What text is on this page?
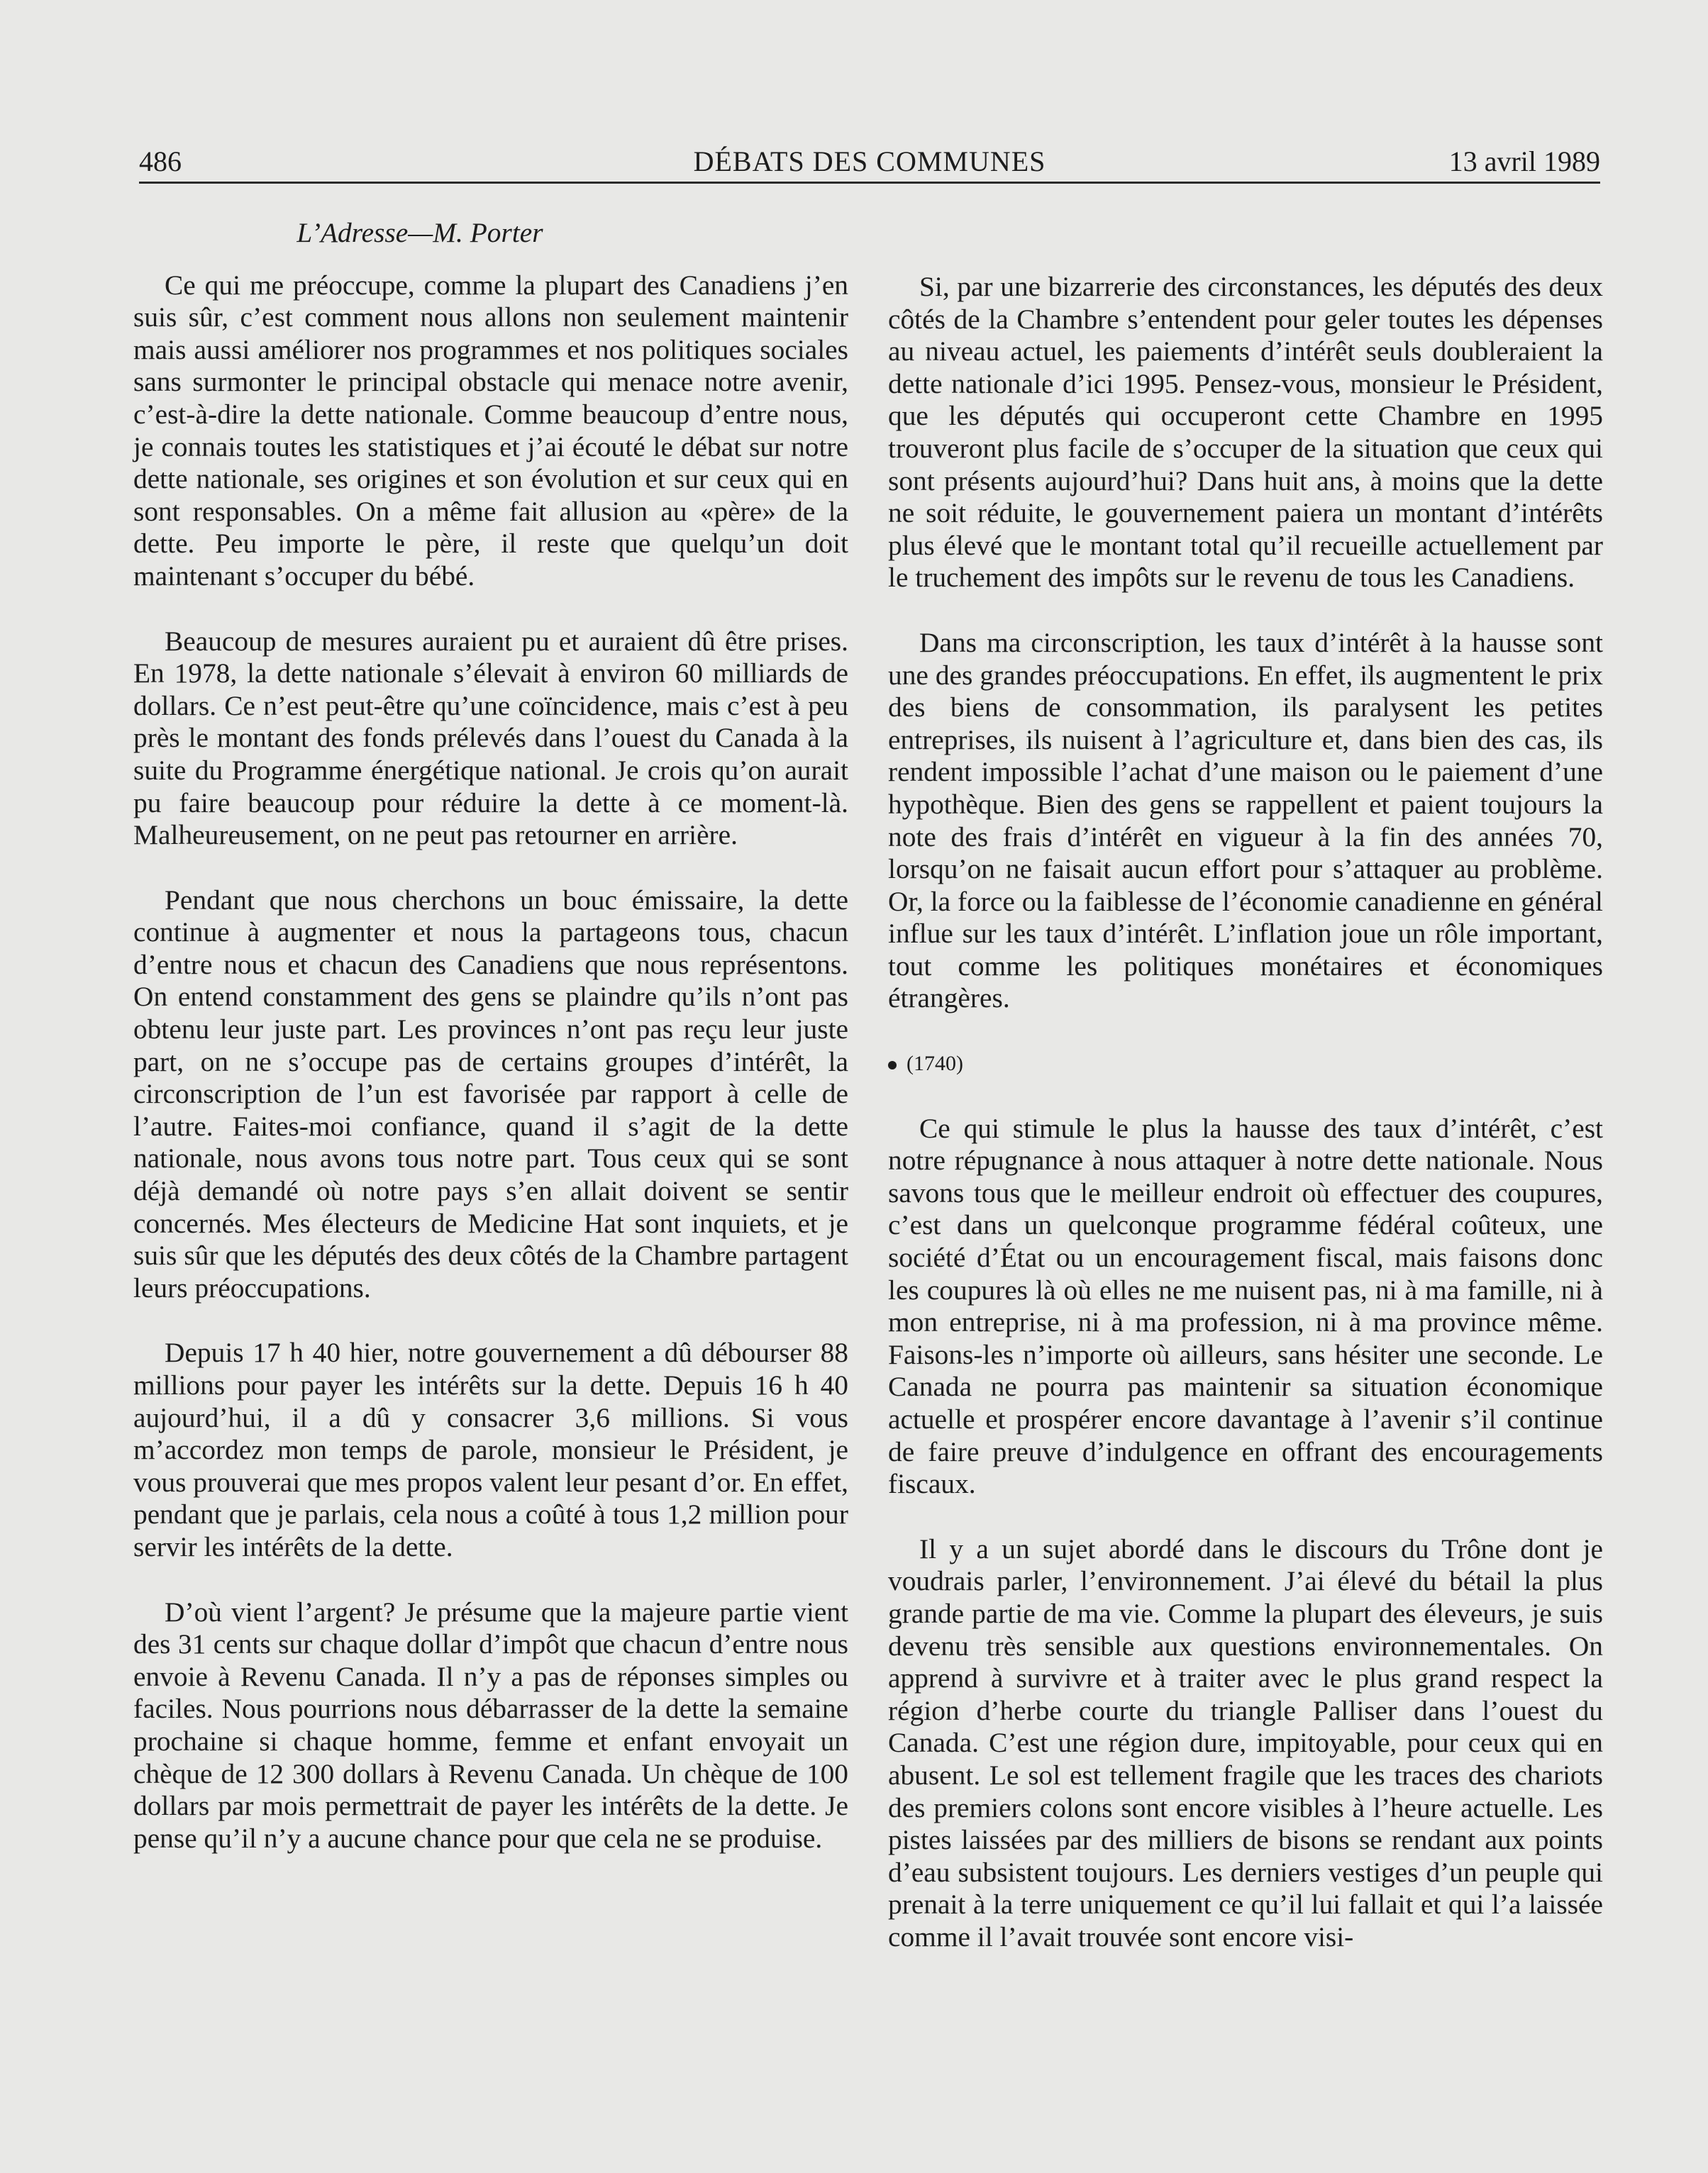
486	DÉBATS DES COMMUNES	13 avril 1989
L’Adresse—M. Porter

Ce qui me préoccupe, comme la plupart des Canadiens j’en suis sûr, c’est comment nous allons non seulement maintenir mais aussi améliorer nos programmes et nos politiques sociales sans surmonter le principal obstacle qui menace notre avenir, c’est-à-dire la dette nationale. Comme beaucoup d’entre nous, je connais toutes les statistiques et j’ai écouté le débat sur notre dette nationale, ses origines et son évolution et sur ceux qui en sont responsables. On a même fait allusion au «père» de la dette. Peu importe le père, il reste que quelqu’un doit maintenant s’occuper du bébé.

Beaucoup de mesures auraient pu et auraient dû être prises. En 1978, la dette nationale s’élevait à environ 60 milliards de dollars. Ce n’est peut-être qu’une coïncidence, mais c’est à peu près le montant des fonds prélevés dans l’ouest du Canada à la suite du Programme énergétique national. Je crois qu’on aurait pu faire beaucoup pour réduire la dette à ce moment-là. Malheureusement, on ne peut pas retourner en arrière.

Pendant que nous cherchons un bouc émissaire, la dette continue à augmenter et nous la partageons tous, chacun d’entre nous et chacun des Canadiens que nous représentons. On entend constamment des gens se plaindre qu’ils n’ont pas obtenu leur juste part. Les provinces n’ont pas reçu leur juste part, on ne s’occupe pas de certains groupes d’intérêt, la circonscription de l’un est favorisée par rapport à celle de l’autre. Faites-moi confiance, quand il s’agit de la dette nationale, nous avons tous notre part. Tous ceux qui se sont déjà demandé où notre pays s’en allait doivent se sentir concernés. Mes électeurs de Medicine Hat sont inquiets, et je suis sûr que les députés des deux côtés de la Chambre partagent leurs préoccupations.

Depuis 17 h 40 hier, notre gouvernement a dû débourser 88 millions pour payer les intérêts sur la dette. Depuis 16 h 40 aujourd’hui, il a dû y consacrer 3,6 millions. Si vous m’accordez mon temps de parole, monsieur le Président, je vous prouverai que mes propos valent leur pesant d’or. En effet, pendant que je parlais, cela nous a coûté à tous 1,2 million pour servir les intérêts de la dette.

D’où vient l’argent? Je présume que la majeure partie vient des 31 cents sur chaque dollar d’impôt que chacun d’entre nous envoie à Revenu Canada. Il n’y a pas de réponses simples ou faciles. Nous pourrions nous débarrasser de la dette la semaine prochaine si chaque homme, femme et enfant envoyait un chèque de 12 300 dollars à Revenu Canada. Un chèque de 100 dollars par mois permettrait de payer les intérêts de la dette. Je pense qu’il n’y a aucune chance pour que cela ne se produise.

Si, par une bizarrerie des circonstances, les députés des deux côtés de la Chambre s’entendent pour geler toutes les dépenses au niveau actuel, les paiements d’intérêt seuls doubleraient la dette nationale d’ici 1995. Pensez-vous, monsieur le Président, que les députés qui occuperont cette Chambre en 1995 trouveront plus facile de s’occuper de la situation que ceux qui sont présents aujourd’hui? Dans huit ans, à moins que la dette ne soit réduite, le gouvernement paiera un montant d’intérêts plus élevé que le montant total qu’il recueille actuellement par le truchement des impôts sur le revenu de tous les Canadiens.

Dans ma circonscription, les taux d’intérêt à la hausse sont une des grandes préoccupations. En effet, ils augmentent le prix des biens de consommation, ils paralysent les petites entreprises, ils nuisent à l’agriculture et, dans bien des cas, ils rendent impossible l’achat d’une maison ou le paiement d’une hypothèque. Bien des gens se rappellent et paient toujours la note des frais d’intérêt en vigueur à la fin des années 70, lorsqu’on ne faisait aucun effort pour s’attaquer au problème. Or, la force ou la faiblesse de l’économie canadienne en général influe sur les taux d’intérêt. L’inflation joue un rôle important, tout comme les politiques monétaires et économiques étrangères.

(1740)

Ce qui stimule le plus la hausse des taux d’intérêt, c’est notre répugnance à nous attaquer à notre dette nationale. Nous savons tous que le meilleur endroit où effectuer des coupures, c’est dans un quelconque programme fédéral coûteux, une société d’État ou un encouragement fiscal, mais faisons donc les coupures là où elles ne me nuisent pas, ni à ma famille, ni à mon entreprise, ni à ma profession, ni à ma province même. Faisons-les n’importe où ailleurs, sans hésiter une seconde. Le Canada ne pourra pas maintenir sa situation économique actuelle et prospérer encore davantage à l’avenir s’il continue de faire preuve d’indulgence en offrant des encouragements fiscaux.

Il y a un sujet abordé dans le discours du Trône dont je voudrais parler, l’environnement. J’ai élevé du bétail la plus grande partie de ma vie. Comme la plupart des éleveurs, je suis devenu très sensible aux questions environnementales. On apprend à survivre et à traiter avec le plus grand respect la région d’herbe courte du triangle Palliser dans l’ouest du Canada. C’est une région dure, impitoyable, pour ceux qui en abusent. Le sol est tellement fragile que les traces des chariots des premiers colons sont encore visibles à l’heure actuelle. Les pistes laissées par des milliers de bisons se rendant aux points d’eau subsistent toujours. Les derniers vestiges d’un peuple qui prenait à la terre uniquement ce qu’il lui fallait et qui l’a laissée comme il l’avait trouvée sont encore visi-
